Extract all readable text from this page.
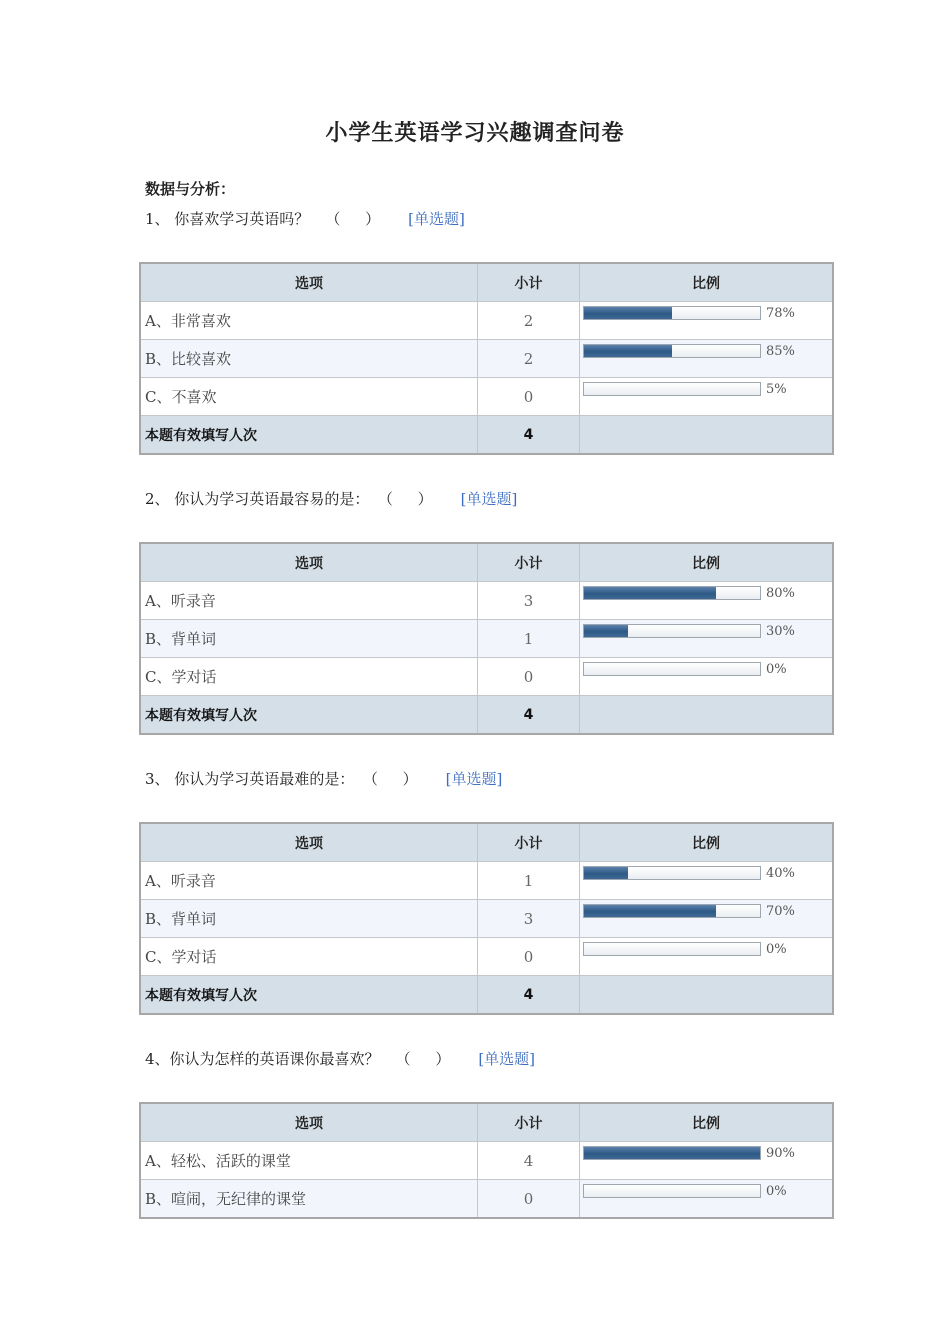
小学生英语学习兴趣调查问卷
数据与分析：
1、 你喜欢学习英语吗？ （ ） [单选题]
选项	小计	比例
A、非常喜欢	2	78%

B、比较喜欢	2	85%

C、不喜欢	0	5%

本题有效填写人次	4	
2、 你认为学习英语最容易的是： （ ） [单选题]
选项	小计	比例
A、听录音	3	80%

B、背单词	1	30%

C、学对话	0	0%

本题有效填写人次	4	
3、 你认为学习英语最难的是： （ ） [单选题]
选项	小计	比例
A、听录音	1	40%

B、背单词	3	70%

C、学对话	0	0%

本题有效填写人次	4	
4、你认为怎样的英语课你最喜欢？ （ ） [单选题]
选项	小计	比例
A、轻松、活跃的课堂	4	90%

B、喧闹，无纪律的课堂	0	0%
